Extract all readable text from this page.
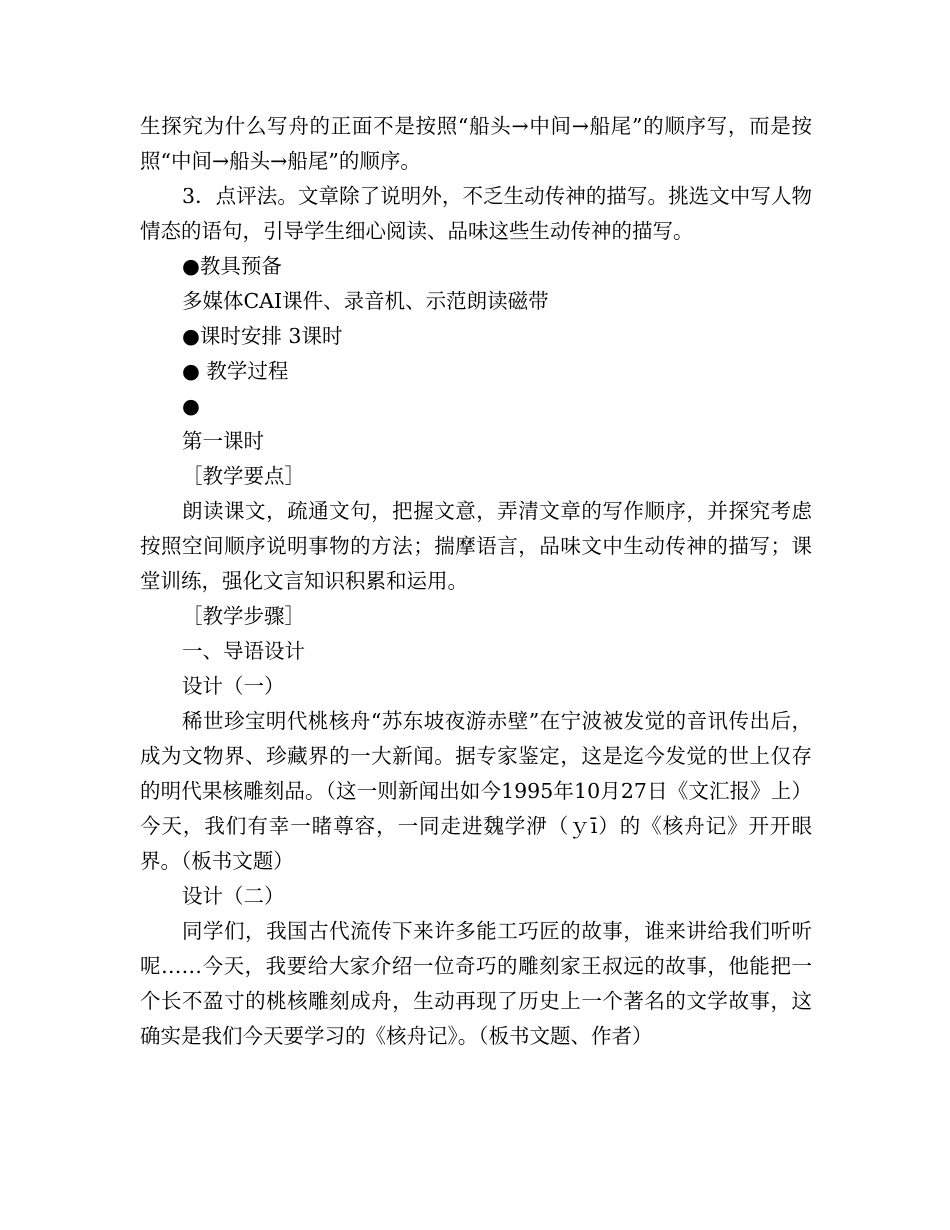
生探究为什么写舟的正面不是按照“船头→中间→船尾”的顺序写，而是按照“中间→船头→船尾”的顺序。

3．点评法。文章除了说明外，不乏生动传神的描写。挑选文中写人物情态的语句，引导学生细心阅读、品味这些生动传神的描写。

●教具预备

多媒体CAI课件、录音机、示范朗读磁带

●课时安排 3课时

● 教学过程

●

第一课时

［教学要点］

朗读课文，疏通文句，把握文意，弄清文章的写作顺序，并探究考虑按照空间顺序说明事物的方法；揣摩语言，品味文中生动传神的描写；课堂训练，强化文言知识积累和运用。

［教学步骤］

一、导语设计

设计（一）

稀世珍宝明代桃核舟“苏东坡夜游赤壁”在宁波被发觉的音讯传出后，成为文物界、珍藏界的一大新闻。据专家鉴定，这是迄今发觉的世上仅存的明代果核雕刻品。（这一则新闻出如今1995年10月27日《文汇报》上）今天，我们有幸一睹尊容，一同走进魏学洢（ｙī）的《核舟记》开开眼界。（板书文题）

设计（二）

同学们，我国古代流传下来许多能工巧匠的故事，谁来讲给我们听听呢……今天，我要给大家介绍一位奇巧的雕刻家王叔远的故事，他能把一个长不盈寸的桃核雕刻成舟，生动再现了历史上一个著名的文学故事，这确实是我们今天要学习的《核舟记》。（板书文题、作者）
